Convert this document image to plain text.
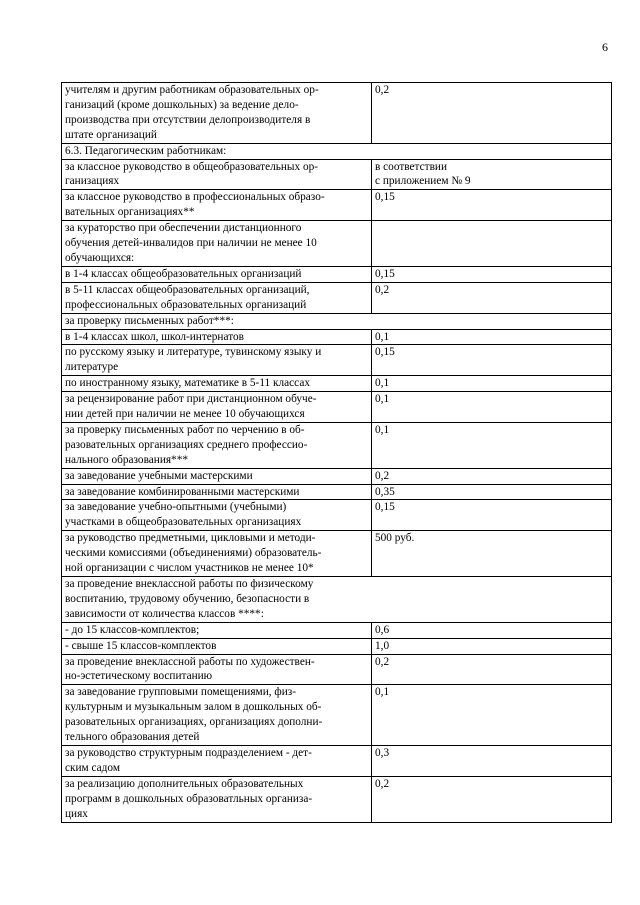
6
учителям и другим работникам образовательных ор-
ганизаций (кроме дошкольных) за ведение дело-
производства при отсутствии делопроизводителя в
штате организаций	0,2
6.3. Педагогическим работникам:	
за классное руководство в общеобразовательных ор-
ганизациях	в соответствии
с приложением № 9
за классное руководство в профессиональных образо-
вательных организациях**	0,15
за кураторство при обеспечении дистанционного
обучения детей-инвалидов при наличии не менее 10
обучающихся:	
в 1-4 классах общеобразовательных организаций	0,15
в 5-11 классах общеобразовательных организаций,
профессиональных образовательных организаций	0,2
за проверку письменных работ***:	
в 1-4 классах школ, школ-интернатов	0,1
по русскому языку и литературе, тувинскому языку и
литературе	0,15
по иностранному языку, математике в 5-11 классах	0,1
за рецензирование работ при дистанционном обуче-
нии детей при наличии не менее 10 обучающихся	0,1
за проверку письменных работ по черчению в об-
разовательных организациях среднего профессио-
нального образования***	0,1
за заведование учебными мастерскими	0,2
за заведование комбинированными мастерскими	0,35
за заведование учебно-опытными (учебными)
участками в общеобразовательных организациях	0,15
за руководство предметными, цикловыми и методи-
ческими комиссиями (объединениями) образователь-
ной организации с числом участников не менее 10*	500 руб.
за проведение внеклассной работы по физическому
воспитанию, трудовому обучению, безопасности в
зависимости от количества классов ****:	
- до 15 классов-комплектов;	0,6
- свыше 15 классов-комплектов	1,0
за проведение внеклассной работы по художествен-
но-эстетическому воспитанию	0,2
за заведование групповыми помещениями, физ-
культурным и музыкальным залом в дошкольных об-
разовательных организациях, организациях дополни-
тельного образования детей	0,1
за руководство структурным подразделением - дет-
ским садом	0,3
за реализацию дополнительных образовательных
программ в дошкольных образоватльных организа-
циях	0,2
